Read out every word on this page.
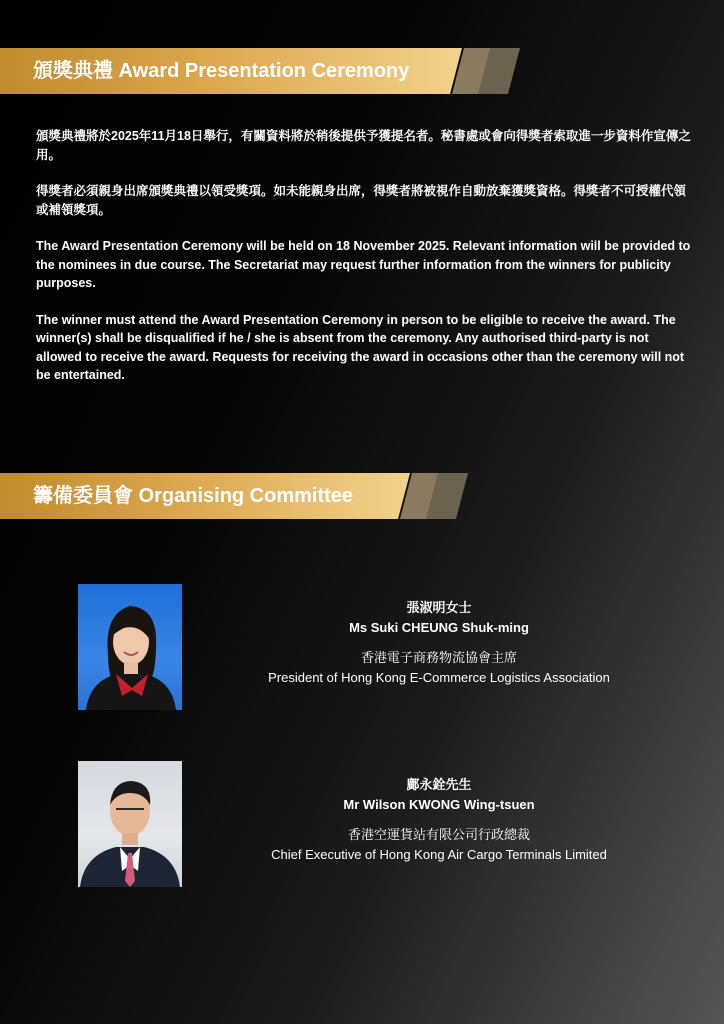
頒獎典禮 Award Presentation Ceremony

頒獎典禮將於2025年11月18日舉行，有關資料將於稍後提供予獲提名者。秘書處或會向得獎者索取進一步資料作宣傳之用。

得獎者必須親身出席頒獎典禮以領受獎項。如未能親身出席，得獎者將被視作自動放棄獲獎資格。得獎者不可授權代領或補領獎項。

The Award Presentation Ceremony will be held on 18 November 2025. Relevant information will be provided to the nominees in due course. The Secretariat may request further information from the winners for publicity purposes.

The winner must attend the Award Presentation Ceremony in person to be eligible to receive the award. The winner(s) shall be disqualified if he / she is absent from the ceremony. Any authorised third-party is not allowed to receive the award. Requests for receiving the award in occasions other than the ceremony will not be entertained.

籌備委員會 Organising Committee
張淑明女士
Ms Suki CHEUNG Shuk-ming
香港電子商務物流協會主席
President of Hong Kong E-Commerce Logistics Association
鄺永銓先生
Mr Wilson KWONG Wing-tsuen
香港空運貨站有限公司行政總裁
Chief Executive of Hong Kong Air Cargo Terminals Limited
